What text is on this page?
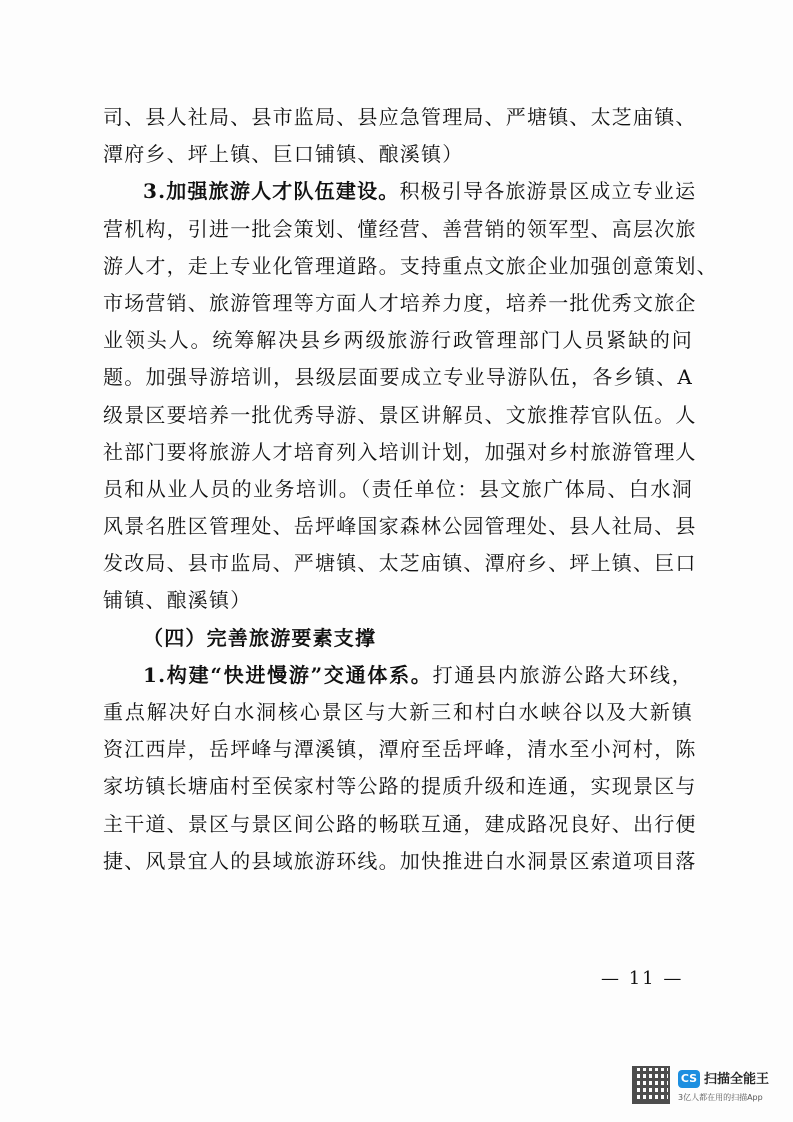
司、县人社局、县市监局、县应急管理局、严塘镇、太芝庙镇、
潭府乡、坪上镇、巨口铺镇、酿溪镇）
3.加强旅游人才队伍建设。积极引导各旅游景区成立专业运
营机构，引进一批会策划、懂经营、善营销的领军型、高层次旅
游人才，走上专业化管理道路。支持重点文旅企业加强创意策划、
市场营销、旅游管理等方面人才培养力度，培养一批优秀文旅企
业领头人。统筹解决县乡两级旅游行政管理部门人员紧缺的问
题。加强导游培训，县级层面要成立专业导游队伍，各乡镇、A
级景区要培养一批优秀导游、景区讲解员、文旅推荐官队伍。人
社部门要将旅游人才培育列入培训计划，加强对乡村旅游管理人
员和从业人员的业务培训。（责任单位：县文旅广体局、白水洞
风景名胜区管理处、岳坪峰国家森林公园管理处、县人社局、县
发改局、县市监局、严塘镇、太芝庙镇、潭府乡、坪上镇、巨口
铺镇、酿溪镇）
（四）完善旅游要素支撑
1.构建“快进慢游”交通体系。打通县内旅游公路大环线，
重点解决好白水洞核心景区与大新三和村白水峡谷以及大新镇
资江西岸，岳坪峰与潭溪镇，潭府至岳坪峰，清水至小河村，陈
家坊镇长塘庙村至侯家村等公路的提质升级和连通，实现景区与
主干道、景区与景区间公路的畅联互通，建成路况良好、出行便
捷、风景宜人的县域旅游环线。加快推进白水洞景区索道项目落
— 11 —
CS 扫描全能王
3亿人都在用的扫描App
